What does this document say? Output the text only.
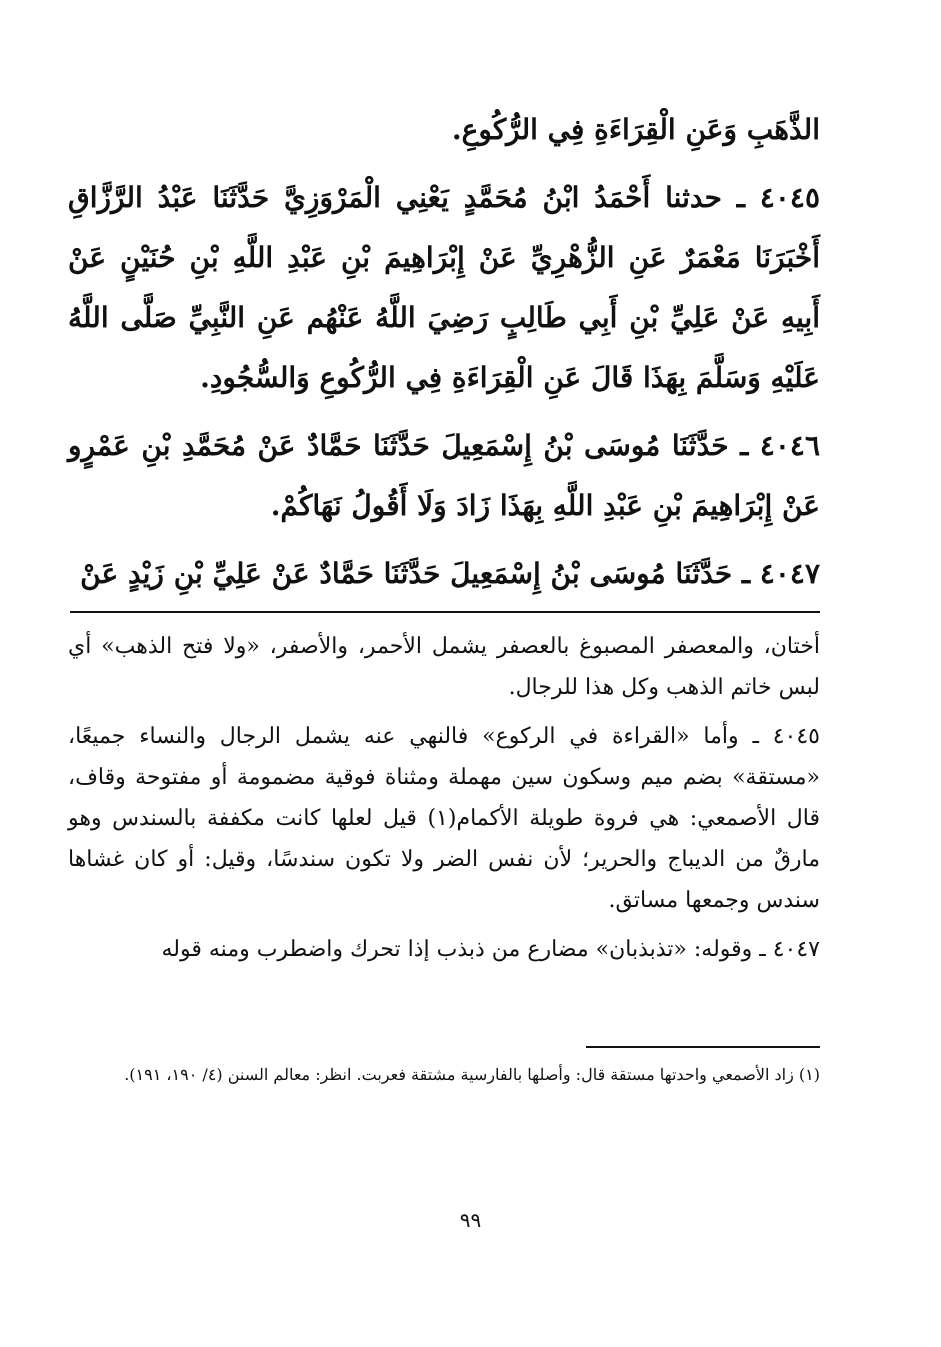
الذَّهَبِ وَعَنِ الْقِرَاءَةِ فِي الرُّكُوعِ.

٤٠٤٥ ـ حدثنا أَحْمَدُ ابْنُ مُحَمَّدٍ يَعْنِي الْمَرْوَزِيَّ حَدَّثَنَا عَبْدُ الرَّزَّاقِ أَخْبَرَنَا مَعْمَرٌ عَنِ الزُّهْرِيِّ عَنْ إِبْرَاهِيمَ بْنِ عَبْدِ اللَّهِ بْنِ حُنَيْنٍ عَنْ أَبِيهِ عَنْ عَلِيِّ بْنِ أَبِي طَالِبٍ رَضِيَ اللَّهُ عَنْهُم عَنِ النَّبِيِّ صَلَّى اللَّهُ عَلَيْهِ وَسَلَّمَ بِهَذَا قَالَ عَنِ الْقِرَاءَةِ فِي الرُّكُوعِ وَالسُّجُودِ.

٤٠٤٦ ـ حَدَّثَنَا مُوسَى بْنُ إِسْمَعِيلَ حَدَّثَنَا حَمَّادٌ عَنْ مُحَمَّدِ بْنِ عَمْرٍو عَنْ إِبْرَاهِيمَ بْنِ عَبْدِ اللَّهِ بِهَذَا زَادَ وَلَا أَقُولُ نَهَاكُمْ.

٤٠٤٧ ـ حَدَّثَنَا مُوسَى بْنُ إِسْمَعِيلَ حَدَّثَنَا حَمَّادٌ عَنْ عَلِيِّ بْنِ زَيْدٍ عَنْ

أختان، والمعصفر المصبوغ بالعصفر يشمل الأحمر، والأصفر، «ولا فتح الذهب» أي لبس خاتم الذهب وكل هذا للرجال.

٤٠٤٥ ـ وأما «القراءة في الركوع» فالنهي عنه يشمل الرجال والنساء جميعًا، «مستقة» بضم ميم وسكون سين مهملة ومثناة فوقية مضمومة أو مفتوحة وقاف، قال الأصمعي: هي فروة طويلة الأكمام(١) قيل لعلها كانت مكففة بالسندس وهو مارقٌ من الديباج والحرير؛ لأن نفس الضر ولا تكون سندسًا، وقيل: أو كان غشاها سندس وجمعها مساتق.

٤٠٤٧ ـ وقوله: «تذبذبان» مضارع من ذبذب إذا تحرك واضطرب ومنه قوله

(١) زاد الأصمعي واحدتها مستقة قال: وأصلها بالفارسية مشتقة فعربت. انظر: معالم السنن (٤/ ١٩٠، ١٩١).

٩٩
